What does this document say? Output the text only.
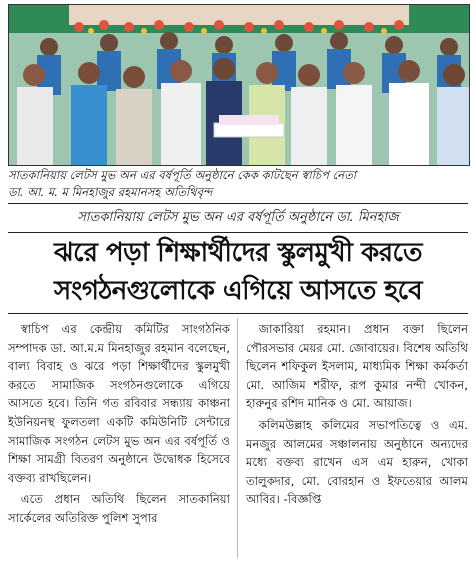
সাতকানিয়ায় লেটস মুভ অন এর বর্ষপূর্তি অনুষ্ঠানে কেক কাটছেন স্বাচিপ নেতা
ডা. আ. ম. ম মিনহাজুর রহমানসহ অতিথিবৃন্দ
সাতকানিয়ায় লেটস মুভ অন এর বর্ষপূর্তি অনুষ্ঠানে ডা. মিনহাজ
ঝরে পড়া শিক্ষার্থীদের স্কুলমুখী করতে
সংগঠনগুলোকে এগিয়ে আসতে হবে

স্বাচিপ এর কেন্দ্রীয় কমিটির সাংগঠনিক সম্পাদক ডা. আ.ম.ম মিনহাজুর রহমান বলেছেন, বাল্য বিবাহ ও ঝরে পড়া শিক্ষার্থীদের স্কুলমুখী করতে সামাজিক সংগঠনগুলোকে এগিয়ে আসতে হবে। তিনি গত রবিবার সন্ধ্যায় কাঞ্চনা ইউনিয়নস্থ ফুলতলা একটি কমিউনিটি সেন্টারে সামাজিক সংগঠন লেটস মুভ অন এর বর্ষপূর্তি ও শিক্ষা সামগ্রী বিতরণ অনুষ্ঠানে উদ্বোধক হিসেবে বক্তব্য রাখছিলেন।

এতে প্রধান অতিথি ছিলেন সাতকানিয়া সার্কেলের অতিরিক্ত পুলিশ সুপার

জাকারিয়া রহমান। প্রধান বক্তা ছিলেন পৌরসভার মেয়র মো. জোবায়ের। বিশেষ অতিথি ছিলেন শফিকুল ইসলাম, মাধ্যমিক শিক্ষা কর্মকর্তা মো. আজিম শরীফ, রূপ কুমার নন্দী খোকন, হারুনুর রশিদ মানিক ও মো. আয়াজ।

কলিমউল্লাহ কলিমের সভাপতিত্বে ও এম. মনজুর আলমের সঞ্চালনায় অনুষ্ঠানে অন্যদের মধ্যে বক্তব্য রাখেন এস এম হারুন, খোকা তালুকদার, মো. বোরহান ও ইফতেয়ার আলম আবির। -বিজ্ঞপ্তি
